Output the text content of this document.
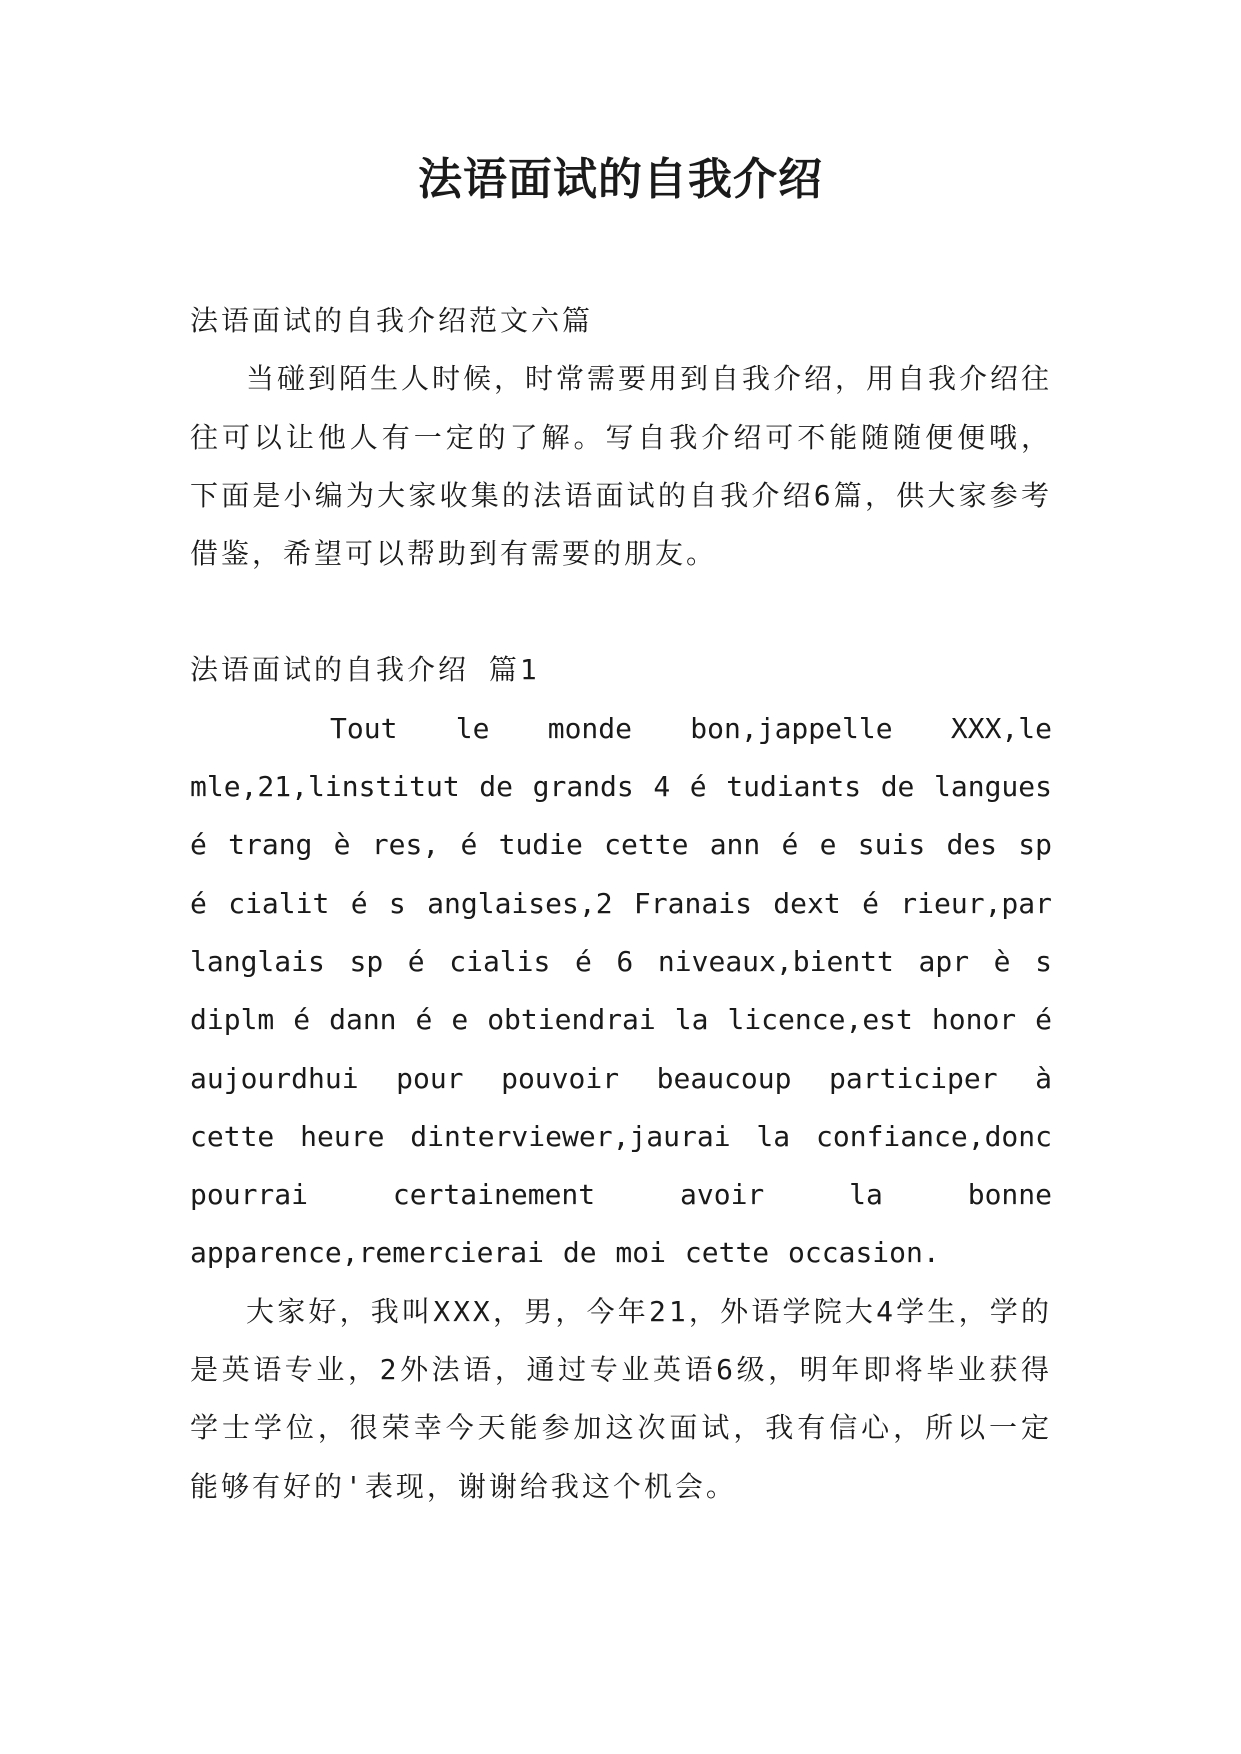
法语面试的自我介绍

法语面试的自我介绍范文六篇

当碰到陌生人时候，时常需要用到自我介绍，用自我介绍往往可以让他人有一定的了解。写自我介绍可不能随随便便哦，下面是小编为大家收集的法语面试的自我介绍6篇，供大家参考借鉴，希望可以帮助到有需要的朋友。

法语面试的自我介绍 篇1

Tout le monde bon,jappelle XXX,le mle,21,linstitut de grands 4 é tudiants de langues é trang è res, é tudie cette ann é e suis des sp é cialit é s anglaises,2 Franais dext é rieur,par langlais sp é cialis é 6 niveaux,bientt apr è s diplm é dann é e obtiendrai la licence,est honor é aujourdhui pour pouvoir beaucoup participer à cette heure dinterviewer,jaurai la confiance,donc pourrai certainement avoir la bonne apparence,remercierai de moi cette occasion.

大家好，我叫XXX，男，今年21，外语学院大4学生，学的是英语专业，2外法语，通过专业英语6级，明年即将毕业获得学士学位，很荣幸今天能参加这次面试，我有信心，所以一定能够有好的'表现，谢谢给我这个机会。
